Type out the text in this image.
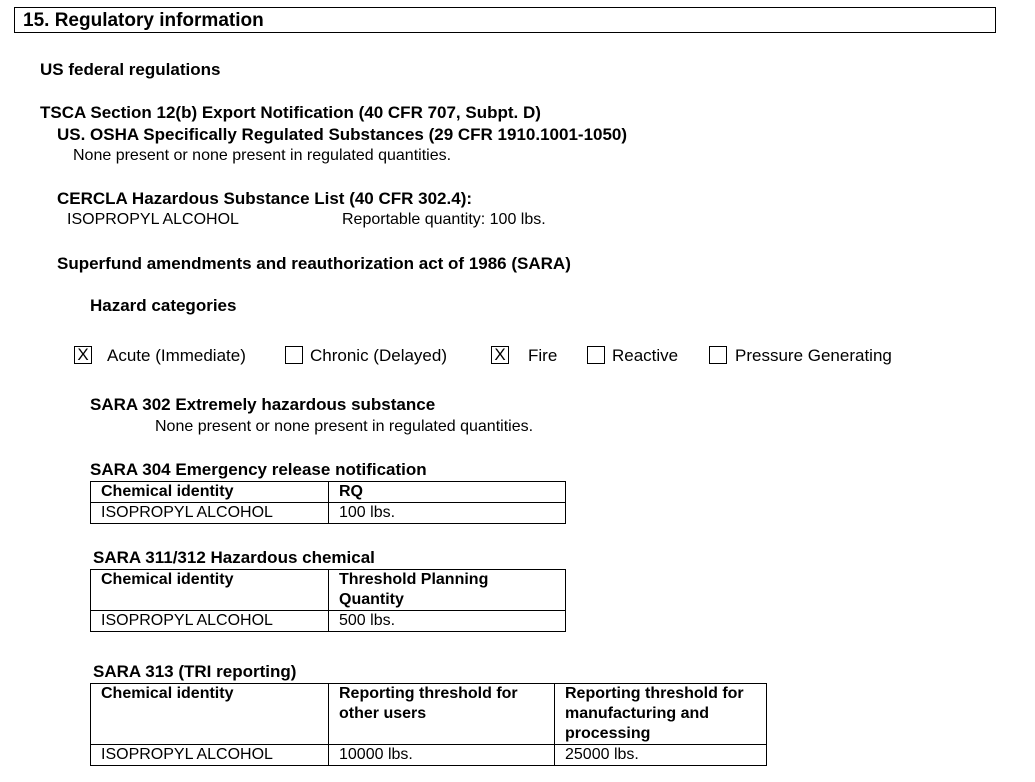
15. Regulatory information
US federal regulations
TSCA Section 12(b) Export Notification (40 CFR 707, Subpt. D)
US. OSHA Specifically Regulated Substances (29 CFR 1910.1001-1050)
None present or none present in regulated quantities.
CERCLA Hazardous Substance List (40 CFR 302.4):
ISOPROPYL ALCOHOL	Reportable quantity: 100 lbs.
Superfund amendments and reauthorization act of 1986 (SARA)
Hazard categories
X Acute (Immediate)	Chronic (Delayed)	X Fire	Reactive	Pressure Generating
SARA 302 Extremely hazardous substance
None present or none present in regulated quantities.
SARA 304 Emergency release notification
Chemical identity	RQ
ISOPROPYL ALCOHOL	100 lbs.
SARA 311/312 Hazardous chemical
Chemical identity	Threshold Planning Quantity
ISOPROPYL ALCOHOL	500 lbs.
SARA 313 (TRI reporting)
Chemical identity	Reporting threshold for other users	Reporting threshold for manufacturing and processing
ISOPROPYL ALCOHOL	10000 lbs.	25000 lbs.
